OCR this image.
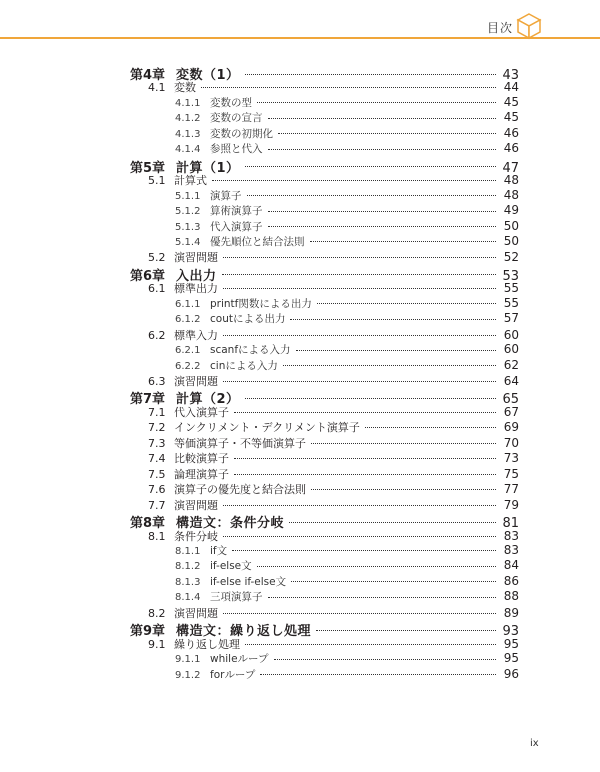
目次
第4章 変数（1）	43
4.1 変数	44
4.1.1 変数の型	45
4.1.2 変数の宣言	45
4.1.3 変数の初期化	46
4.1.4 参照と代入	46
第5章 計算（1）	47
5.1 計算式	48
5.1.1 演算子	48
5.1.2 算術演算子	49
5.1.3 代入演算子	50
5.1.4 優先順位と結合法則	50
5.2 演習問題	52
第6章 入出力	53
6.1 標準出力	55
6.1.1 printf関数による出力	55
6.1.2 coutによる出力	57
6.2 標準入力	60
6.2.1 scanfによる入力	60
6.2.2 cinによる入力	62
6.3 演習問題	64
第7章 計算（2）	65
7.1 代入演算子	67
7.2 インクリメント・デクリメント演算子	69
7.3 等価演算子・不等価演算子	70
7.4 比較演算子	73
7.5 論理演算子	75
7.6 演算子の優先度と結合法則	77
7.7 演習問題	79
第8章 構造文：条件分岐	81
8.1 条件分岐	83
8.1.1 if文	83
8.1.2 if-else文	84
8.1.3 if-else if-else文	86
8.1.4 三項演算子	88
8.2 演習問題	89
第9章 構造文：繰り返し処理	93
9.1 繰り返し処理	95
9.1.1 whileループ	95
9.1.2 forループ	96
ix
